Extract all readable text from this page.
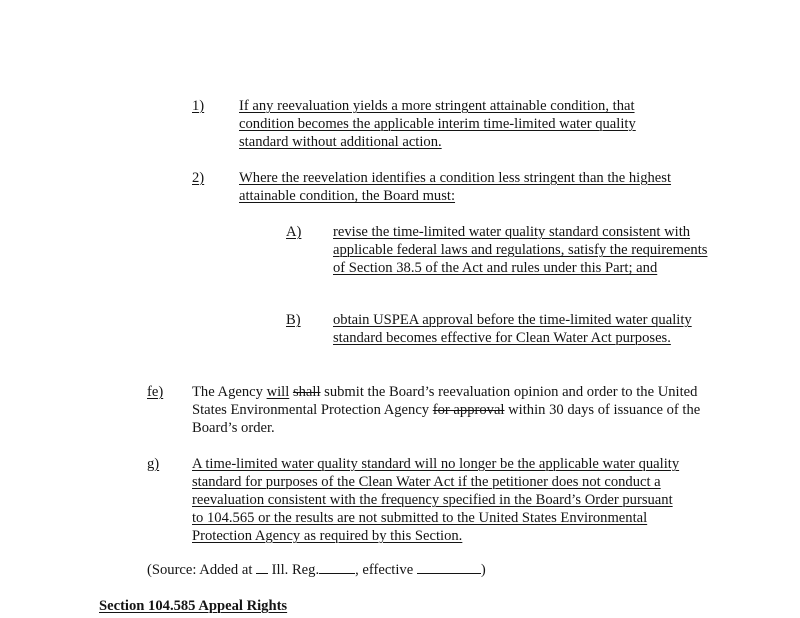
1) If any reevaluation yields a more stringent attainable condition, that condition becomes the applicable interim time-limited water quality standard without additional action.
2) Where the reevelation identifies a condition less stringent than the highest attainable condition, the Board must:
A) revise the time-limited water quality standard consistent with applicable federal laws and regulations, satisfy the requirements of Section 38.5 of the Act and rules under this Part; and
B) obtain USPEA approval before the time-limited water quality standard becomes effective for Clean Water Act purposes.
fe) The Agency will shall submit the Board’s reevaluation opinion and order to the United States Environmental Protection Agency for approval within 30 days of issuance of the Board’s order.
g) A time-limited water quality standard will no longer be the applicable water quality standard for purposes of the Clean Water Act if the petitioner does not conduct a reevaluation consistent with the frequency specified in the Board’s Order pursuant to 104.565 or the results are not submitted to the United States Environmental Protection Agency as required by this Section.
(Source: Added at  Ill. Reg. , effective	)
Section 104.585 Appeal Rights
